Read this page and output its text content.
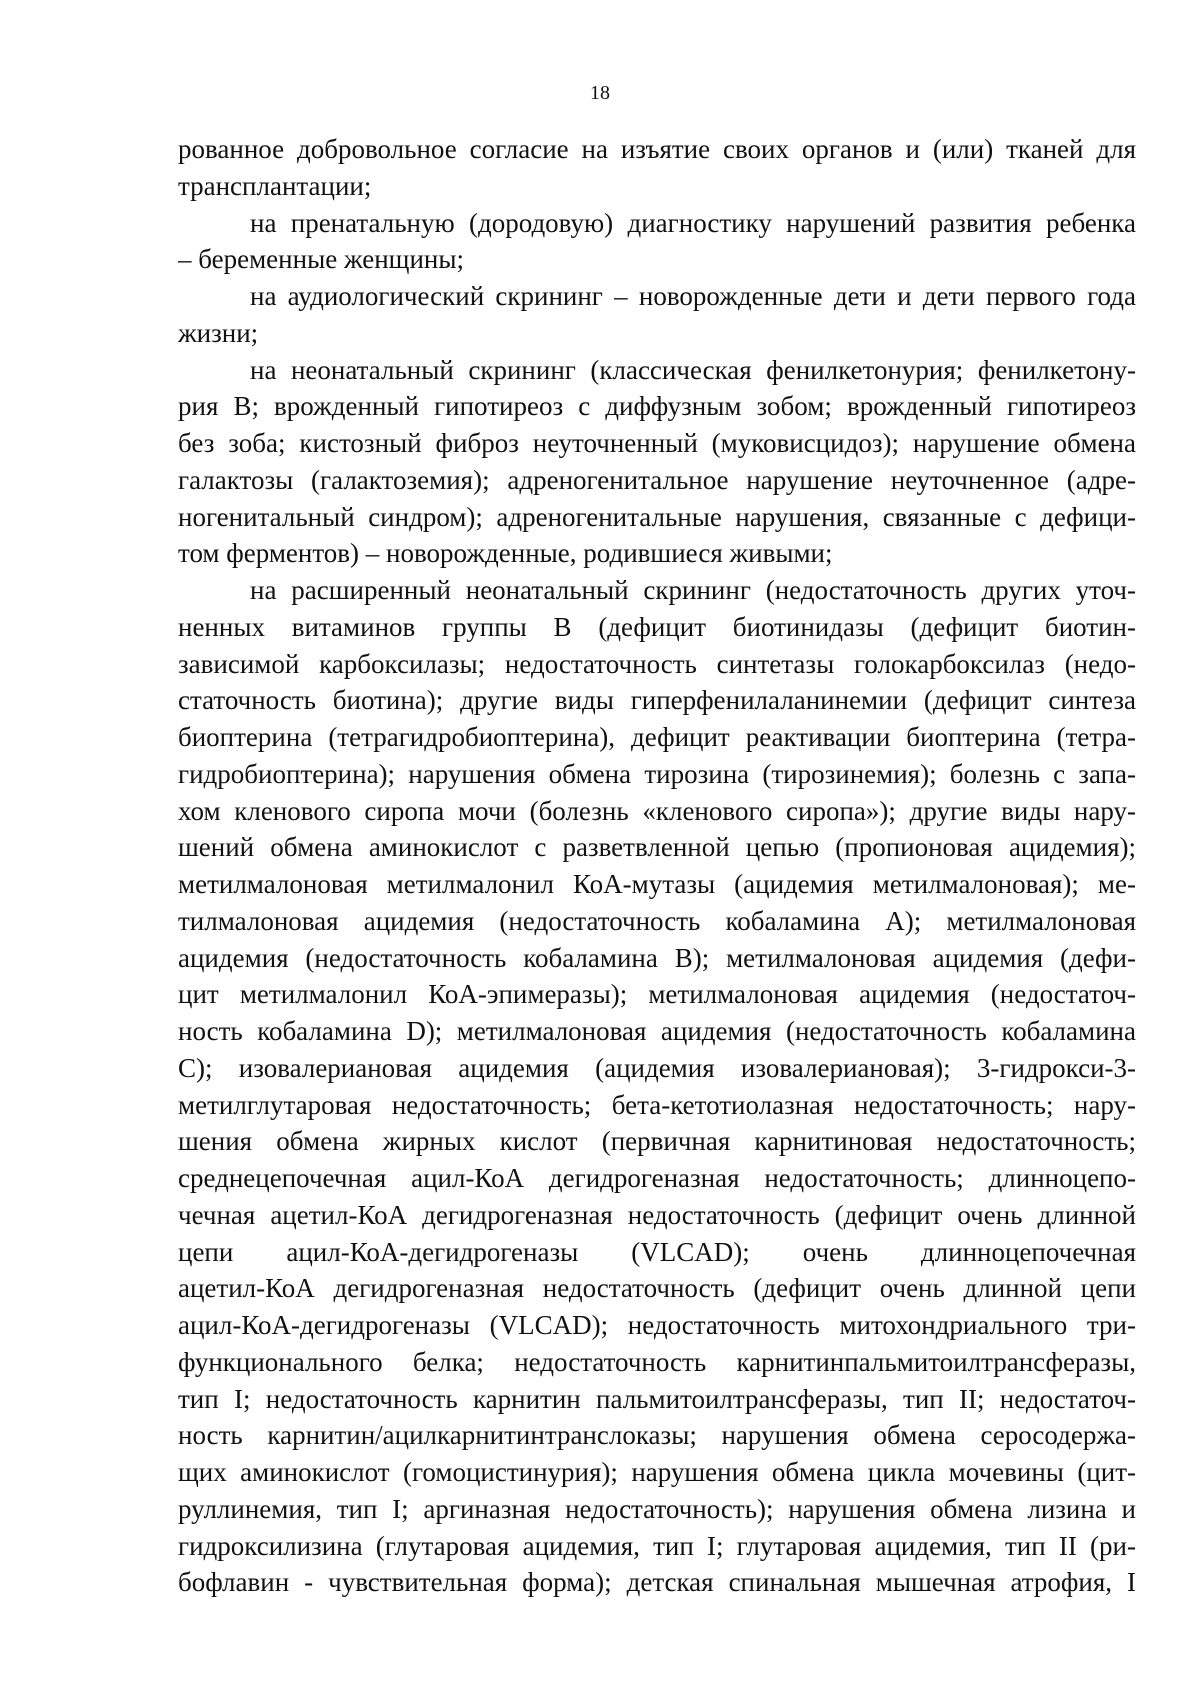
18
рованное добровольное согласие на изъятие своих органов и (или) тканей для
трансплантации;
на пренатальную (дородовую) диагностику нарушений развития ребенка
– беременные женщины;
на аудиологический скрининг – новорожденные дети и дети первого года
жизни;
на неонатальный скрининг (классическая фенилкетонурия; фенилкетону-
рия В; врожденный гипотиреоз с диффузным зобом; врожденный гипотиреоз
без зоба; кистозный фиброз неуточненный (муковисцидоз); нарушение обмена
галактозы (галактоземия); адреногенитальное нарушение неуточненное (адре-
ногенитальный синдром); адреногенитальные нарушения, связанные с дефици-
том ферментов) – новорожденные, родившиеся живыми;
на расширенный неонатальный скрининг (недостаточность других уточ-
ненных витаминов группы В (дефицит биотинидазы (дефицит биотин-
зависимой карбоксилазы; недостаточность синтетазы голокарбоксилаз (недо-
статочность биотина); другие виды гиперфенилаланинемии (дефицит синтеза
биоптерина (тетрагидробиоптерина), дефицит реактивации биоптерина (тетра-
гидробиоптерина); нарушения обмена тирозина (тирозинемия); болезнь с запа-
хом кленового сиропа мочи (болезнь «кленового сиропа»); другие виды нару-
шений обмена аминокислот с разветвленной цепью (пропионовая ацидемия);
метилмалоновая метилмалонил КоА-мутазы (ацидемия метилмалоновая); ме-
тилмалоновая ацидемия (недостаточность кобаламина А); метилмалоновая
ацидемия (недостаточность кобаламина В); метилмалоновая ацидемия (дефи-
цит метилмалонил КоА-эпимеразы); метилмалоновая ацидемия (недостаточ-
ность кобаламина D); метилмалоновая ацидемия (недостаточность кобаламина
С); изовалериановая ацидемия (ацидемия изовалериановая); 3-гидрокси-3-
метилглутаровая недостаточность; бета-кетотиолазная недостаточность; нару-
шения обмена жирных кислот (первичная карнитиновая недостаточность;
среднецепочечная ацил-КоА дегидрогеназная недостаточность; длинноцепо-
чечная ацетил-КоА дегидрогеназная недостаточность (дефицит очень длинной
цепи ацил-КоА-дегидрогеназы (VLCAD); очень длинноцепочечная
ацетил-КоА дегидрогеназная недостаточность (дефицит очень длинной цепи
ацил-КоА-дегидрогеназы (VLCAD); недостаточность митохондриального три-
функционального белка; недостаточность карнитинпальмитоилтрансферазы,
тип I; недостаточность карнитин пальмитоилтрансферазы, тип II; недостаточ-
ность карнитин/ацилкарнитинтранслоказы; нарушения обмена серосодержа-
щих аминокислот (гомоцистинурия); нарушения обмена цикла мочевины (цит-
руллинемия, тип I; аргиназная недостаточность); нарушения обмена лизина и
гидроксилизина (глутаровая ацидемия, тип I; глутаровая ацидемия, тип II (ри-
бофлавин - чувствительная форма); детская спинальная мышечная атрофия, I
